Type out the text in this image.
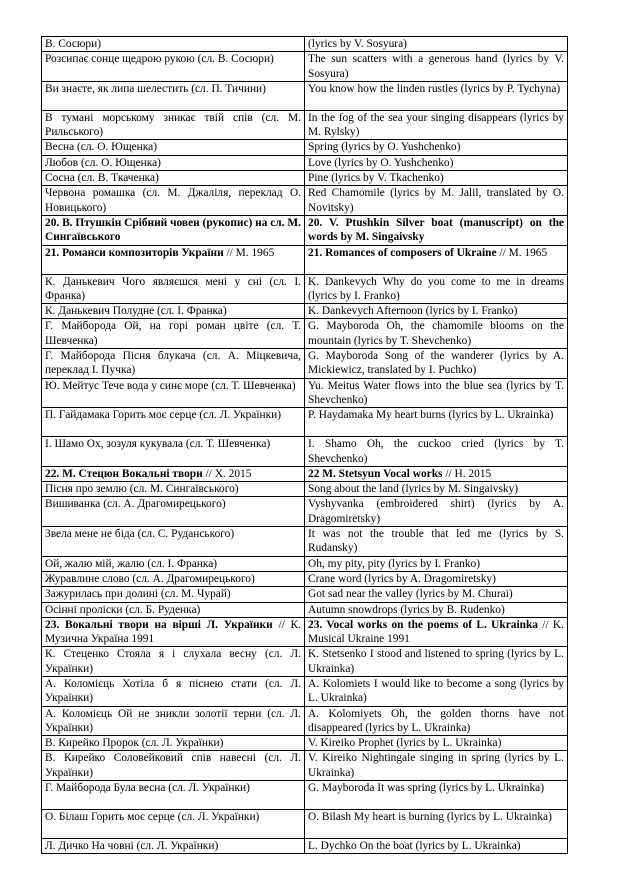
В. Сосюри)	(lyrics by V. Sosyura)
Розсипає сонце щедрою рукою (сл. В. Сосюри)	The sun scatters with a generous hand (lyrics by V. Sosyura)
Ви знаєте, як липа шелестить (сл. П. Тичини)	You know how the linden rustles (lyrics by P. Tychyna)
В тумані морському зникає твій спів (сл. М. Рильського)	In the fog of the sea your singing disappears (lyrics by M. Rylsky)
Весна (сл. О. Ющенка)	Spring (lyrics by O. Yushchenko)
Любов (сл. О. Ющенка)	Love (lyrics by O. Yushchenko)
Сосна (сл. В. Ткаченка)	Pine (lyrics by V. Tkachenko)
Червона ромашка (сл. М. Джаліля, переклад О. Новицького)	Red Chamomile (lyrics by M. Jalil, translated by O. Novitsky)
20. В. Птушкін Срібний човен (рукопис) на сл. М. Сингаївського	20. V. Ptushkin Silver boat (manuscript) on the words by M. Singaivsky
21. Романси композиторів України // М. 1965	21. Romances of composers of Ukraine // M. 1965
К. Данькевич Чого являєшся мені у сні (сл. І. Франка)	K. Dankevych Why do you come to me in dreams (lyrics by I. Franko)
К. Данькевич Полудне (сл. І. Франка)	K. Dankevych Afternoon (lyrics by I. Franko)
Г. Майборода Ой, на горі роман цвіте (сл. Т. Шевченка)	G. Mayboroda Oh, the chamomile blooms on the mountain (lyrics by T. Shevchenko)
Г. Майборода Пісня блукача (сл. А. Міцкевича, переклад І. Пучка)	G. Mayboroda Song of the wanderer (lyrics by A. Mickiewicz, translated by I. Puchko)
Ю. Мейтус Тече вода у синє море (сл. Т. Шевченка)	Yu. Meitus Water flows into the blue sea (lyrics by T. Shevchenko)
П. Гайдамака Горить моє серце (сл. Л. Українки)	P. Haydamaka My heart burns (lyrics by L. Ukrainka)
І. Шамо Ох, зозуля кукувала (сл. Т. Шевченка)	I. Shamo Oh, the cuckoo cried (lyrics by T. Shevchenko)
22. М. Стецюн Вокальні твори // Х. 2015	22 M. Stetsyun Vocal works // H. 2015
Пісня про землю (сл. М. Сингаївського)	Song about the land (lyrics by M. Singaivsky)
Вишиванка (сл. А. Драгомирецького)	Vyshyvanka (embroidered shirt) (lyrics by A. Dragomiretsky)
Звела мене не біда (сл. С. Руданського)	It was not the trouble that led me (lyrics by S. Rudansky)
Ой, жалю мій, жалю (сл. І. Франка)	Oh, my pity, pity (lyrics by I. Franko)
Журавлине слово (сл. А. Драгомирецького)	Crane word (lyrics by A. Dragomiretsky)
Зажурилась при долині (сл. М. Чурай)	Got sad near the valley (lyrics by M. Churai)
Осінні пролiски (сл. Б. Руденка)	Autumn snowdrops (lyrics by B. Rudenko)
23. Вокальні твори на вірші Л. Українки // К. Музична Україна 1991	23. Vocal works on the poems of L. Ukrainka // K. Musical Ukraine 1991
К. Стеценко Стояла я і слухала весну (сл. Л. Українки)	K. Stetsenko I stood and listened to spring (lyrics by L. Ukrainka)
А. Коломієць Хотіла б я піснею стати (сл. Л. Українки)	A. Kolomiets I would like to become a song (lyrics by L. Ukrainka)
А. Коломієць Ой не зникли золотії терни (сл. Л. Українки)	A. Kolomiyets Oh, the golden thorns have not disappeared (lyrics by L. Ukrainka)
В. Кирейко Пророк (сл. Л. Українки)	V. Kireiko Prophet (lyrics by L. Ukrainka)
В. Кирейко Соловейковий спів навесні (сл. Л. Українки)	V. Kireiko Nightingale singing in spring (lyrics by L. Ukrainka)
Г. Майборода Була весна (сл. Л. Українки)	G. Mayboroda It was spring (lyrics by L. Ukrainka)
О. Білаш Горить моє серце (сл. Л. Українки)	O. Bilash My heart is burning (lyrics by L. Ukrainka)
Л. Дичко На човні (сл. Л. Українки)	L. Dychko On the boat (lyrics by L. Ukrainka)
